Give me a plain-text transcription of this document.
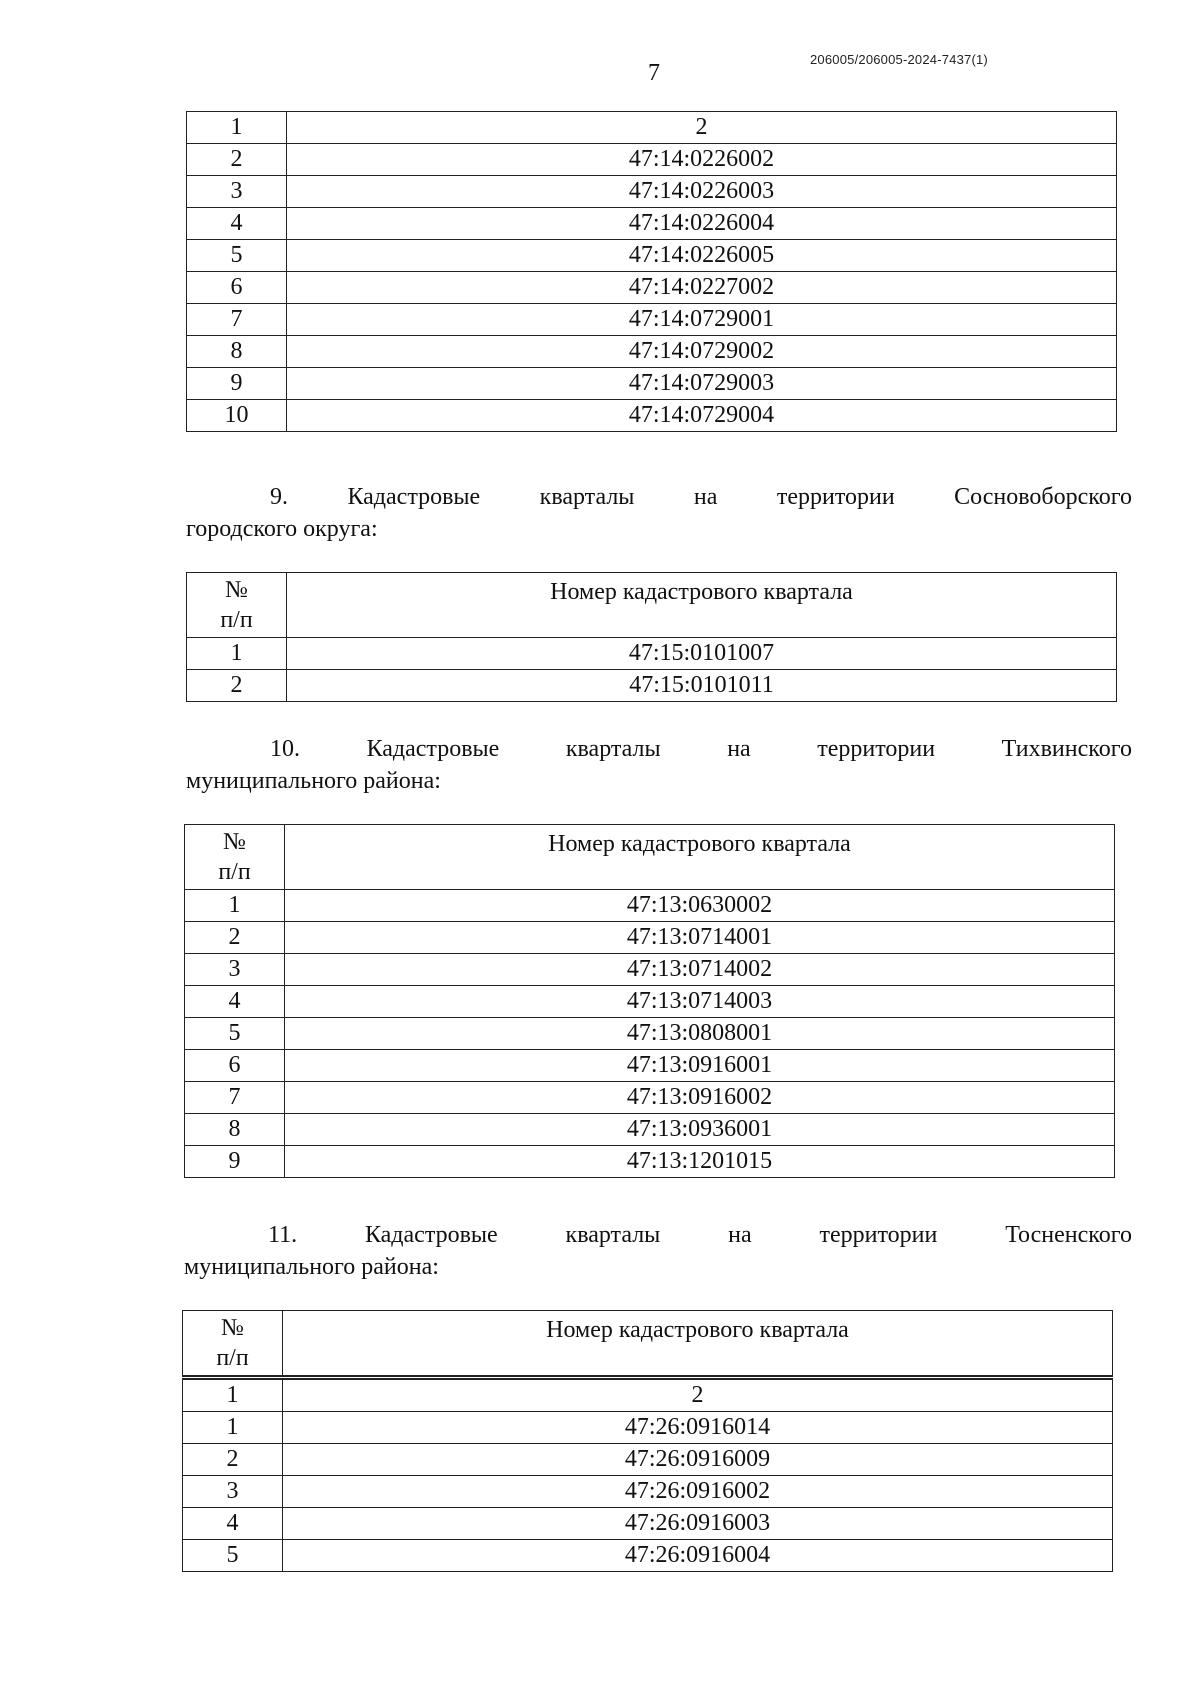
206005/206005-2024-7437(1)
7
1	2
2	47:14:0226002
3	47:14:0226003
4	47:14:0226004
5	47:14:0226005
6	47:14:0227002
7	47:14:0729001
8	47:14:0729002
9	47:14:0729003
10	47:14:0729004
9. Кадастровые кварталы на территории Сосновоборского
городского округа:
№
п/п	Номер кадастрового квартала
1	47:15:0101007
2	47:15:0101011
10.	Кадастровые	кварталы	на	территории	Тихвинского
муниципального района:
№
п/п	Номер кадастрового квартала
1	47:13:0630002
2	47:13:0714001
3	47:13:0714002
4	47:13:0714003
5	47:13:0808001
6	47:13:0916001
7	47:13:0916002
8	47:13:0936001
9	47:13:1201015
11.	Кадастровые	кварталы	на	территории	Тосненского
муниципального района:
№
п/п	Номер кадастрового квартала
1	2
1	47:26:0916014
2	47:26:0916009
3	47:26:0916002
4	47:26:0916003
5	47:26:0916004
